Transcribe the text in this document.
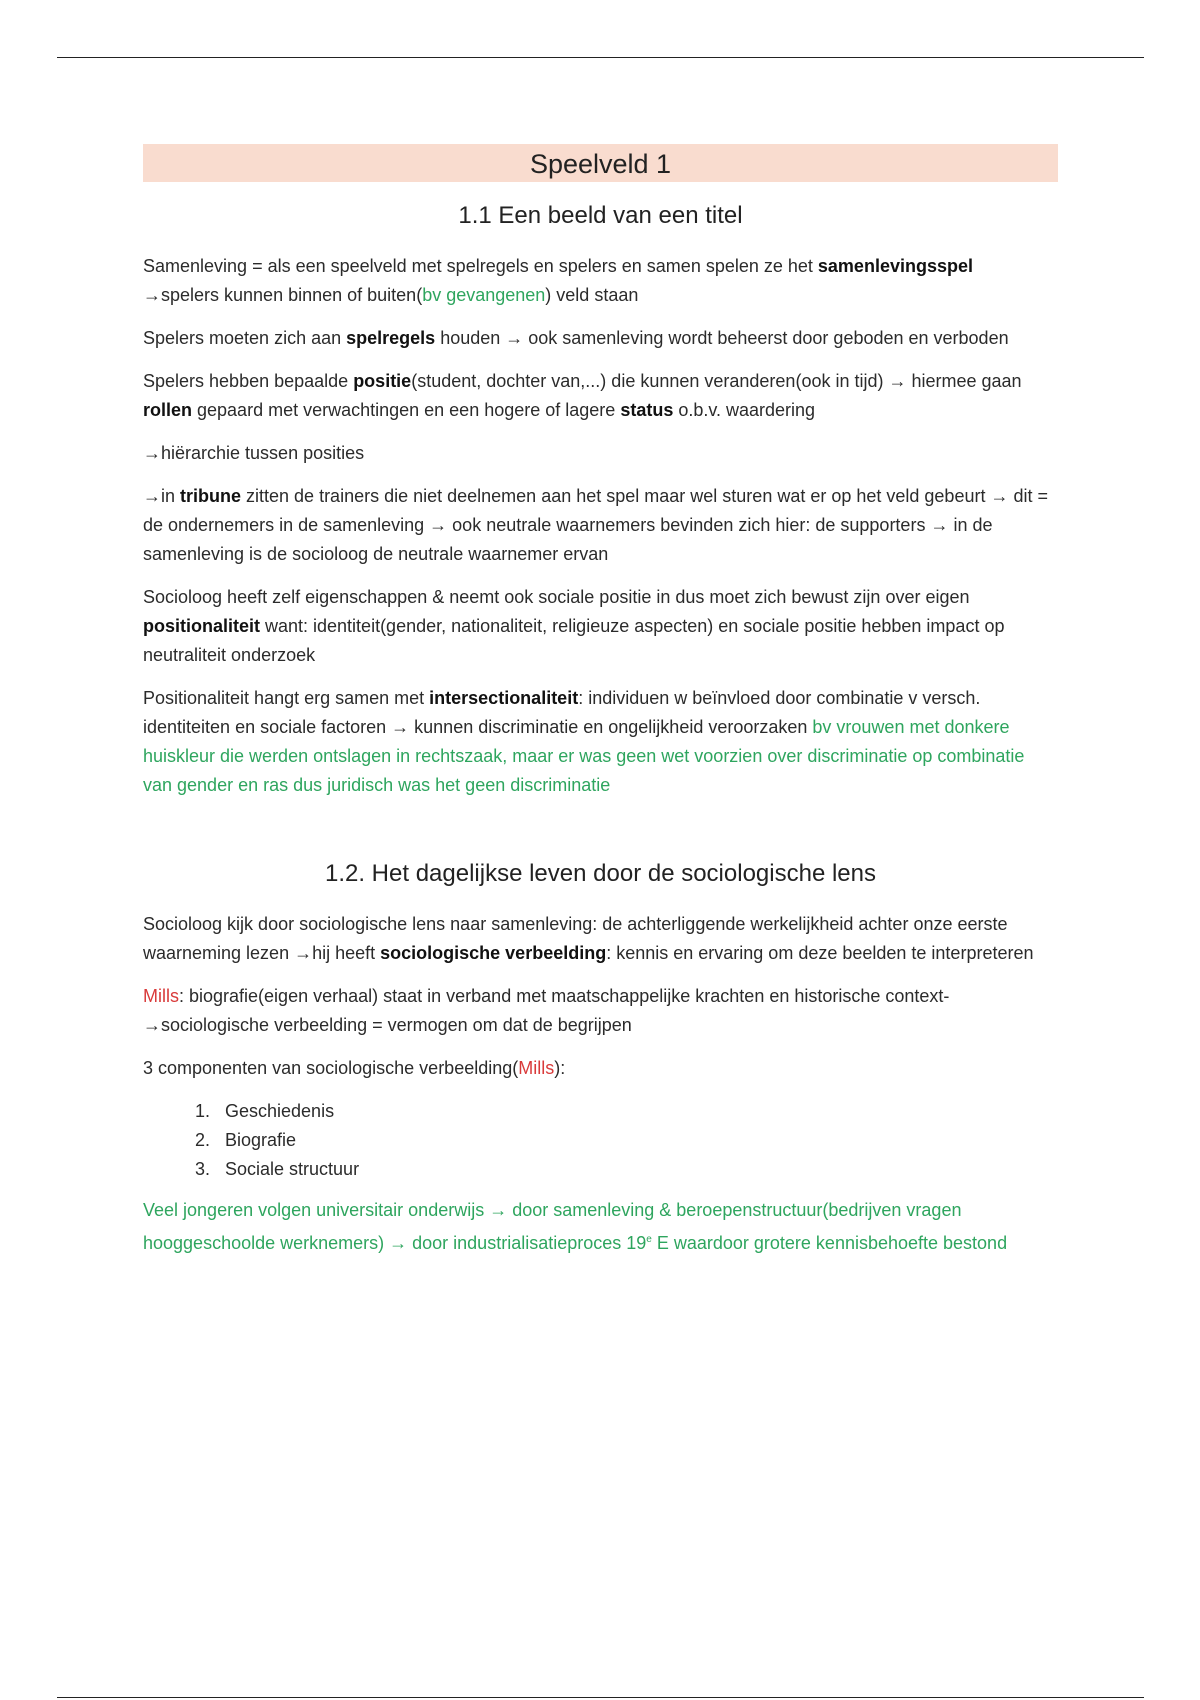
Speelveld 1
1.1 Een beeld van een titel

Samenleving = als een speelveld met spelregels en spelers en samen spelen ze het samenlevingsspel
→spelers kunnen binnen of buiten(bv gevangenen) veld staan

Spelers moeten zich aan spelregels houden → ook samenleving wordt beheerst door geboden en verboden

Spelers hebben bepaalde positie(student, dochter van,...) die kunnen veranderen(ook in tijd) → hiermee gaan rollen gepaard met verwachtingen en een hogere of lagere status o.b.v. waardering

→hiërarchie tussen posities

→in tribune zitten de trainers die niet deelnemen aan het spel maar wel sturen wat er op het veld gebeurt → dit = de ondernemers in de samenleving → ook neutrale waarnemers bevinden zich hier: de supporters → in de samenleving is de socioloog de neutrale waarnemer ervan

Socioloog heeft zelf eigenschappen & neemt ook sociale positie in dus moet zich bewust zijn over eigen positionaliteit want: identiteit(gender, nationaliteit, religieuze aspecten) en sociale positie hebben impact op neutraliteit onderzoek

Positionaliteit hangt erg samen met intersectionaliteit: individuen w beïnvloed door combinatie v versch. identiteiten en sociale factoren → kunnen discriminatie en ongelijkheid veroorzaken bv vrouwen met donkere huiskleur die werden ontslagen in rechtszaak, maar er was geen wet voorzien over discriminatie op combinatie van gender en ras dus juridisch was het geen discriminatie

1.2. Het dagelijkse leven door de sociologische lens

Socioloog kijk door sociologische lens naar samenleving: de achterliggende werkelijkheid achter onze eerste waarneming lezen →hij heeft sociologische verbeelding: kennis en ervaring om deze beelden te interpreteren

Mills: biografie(eigen verhaal) staat in verband met maatschappelijke krachten en historische context-
→sociologische verbeelding = vermogen om dat de begrijpen

3 componenten van sociologische verbeelding(Mills):

1. Geschiedenis
2. Biografie
3. Sociale structuur

Veel jongeren volgen universitair onderwijs → door samenleving & beroepenstructuur(bedrijven vragen hooggeschoolde werknemers) → door industrialisatieproces 19e E waardoor grotere kennisbehoefte bestond
